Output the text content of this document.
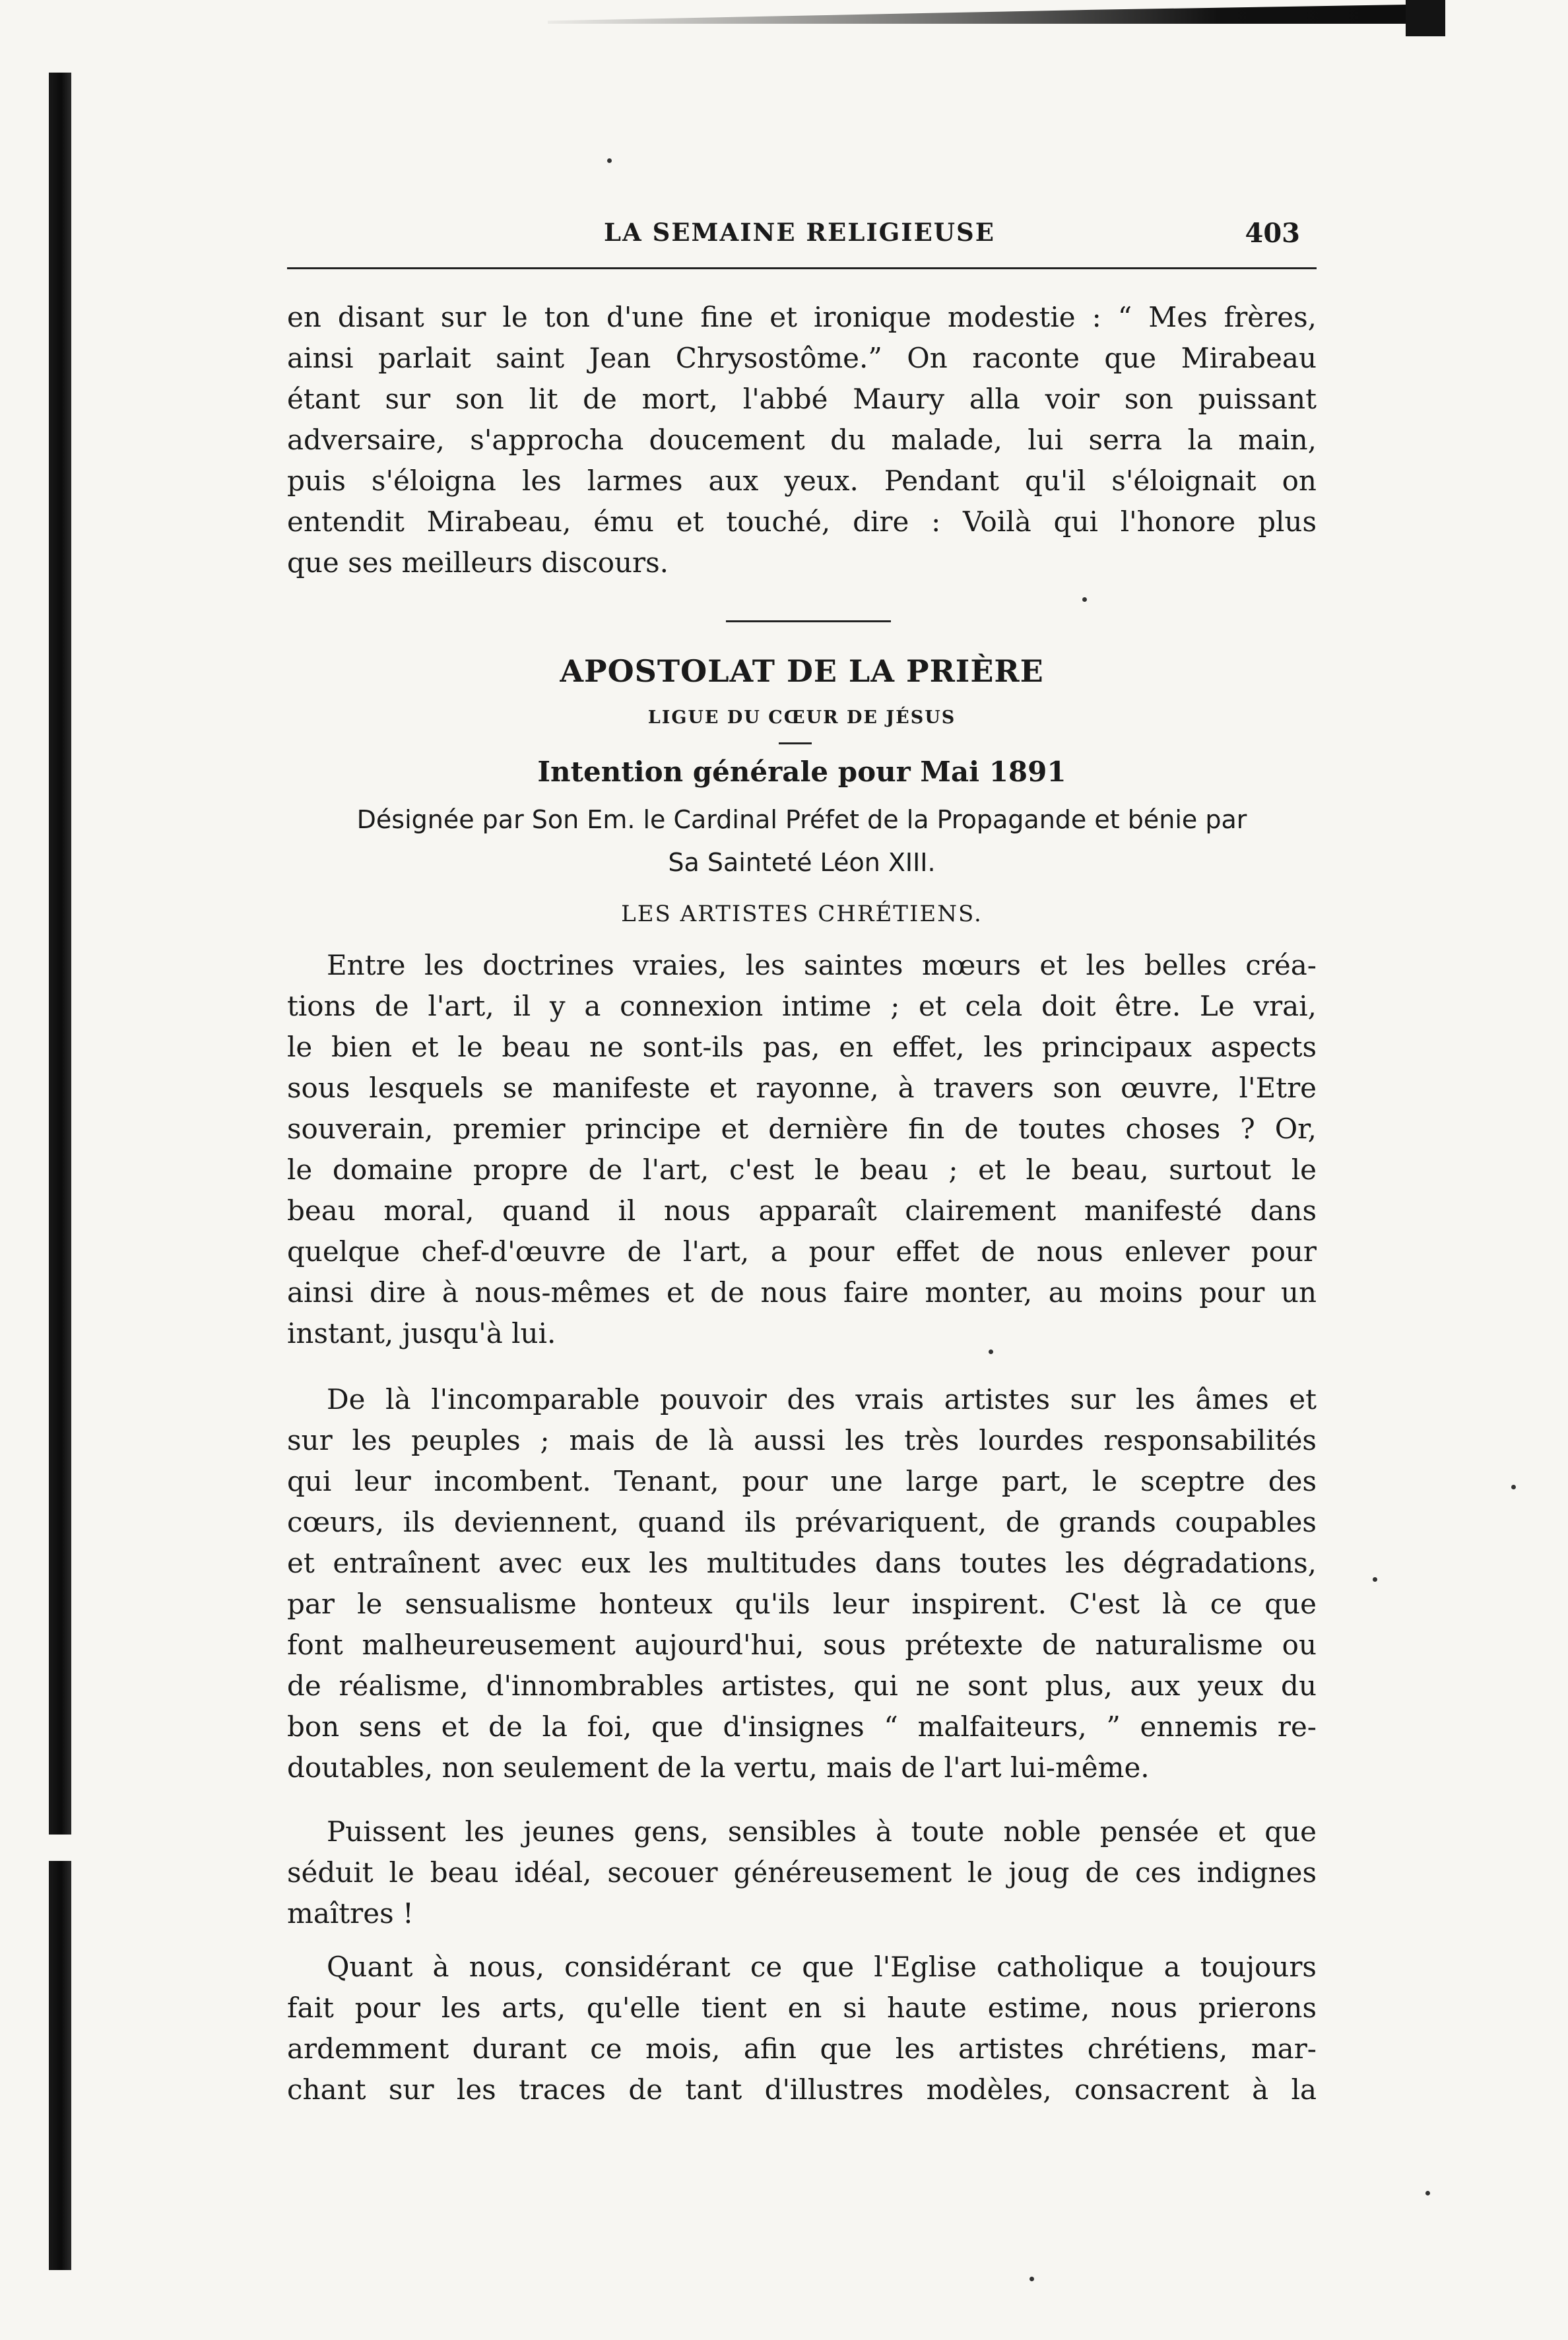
LA SEMAINE RELIGIEUSE	403
en disant sur le ton d'une fine et ironique modestie : “ Mes frères,
ainsi parlait saint Jean Chrysostôme.” On raconte que Mirabeau
étant sur son lit de mort, l'abbé Maury alla voir son puissant
adversaire, s'approcha doucement du malade, lui serra la main,
puis s'éloigna les larmes aux yeux. Pendant qu'il s'éloignait on
entendit Mirabeau, ému et touché, dire : Voilà qui l'honore plus
que ses meilleurs discours.
APOSTOLAT DE LA PRIÈRE
LIGUE DU CŒUR DE JÉSUS
Intention générale pour Mai 1891
Désignée par Son Em. le Cardinal Préfet de la Propagande et bénie par
Sa Sainteté Léon XIII.
LES ARTISTES CHRÉTIENS.
Entre les doctrines vraies, les saintes mœurs et les belles créa-
tions de l'art, il y a connexion intime ; et cela doit être. Le vrai,
le bien et le beau ne sont-ils pas, en effet, les principaux aspects
sous lesquels se manifeste et rayonne, à travers son œuvre, l'Etre
souverain, premier principe et dernière fin de toutes choses ? Or,
le domaine propre de l'art, c'est le beau ; et le beau, surtout le
beau moral, quand il nous apparaît clairement manifesté dans
quelque chef-d'œuvre de l'art, a pour effet de nous enlever pour
ainsi dire à nous-mêmes et de nous faire monter, au moins pour un
instant, jusqu'à lui.
De là l'incomparable pouvoir des vrais artistes sur les âmes et
sur les peuples ; mais de là aussi les très lourdes responsabilités
qui leur incombent. Tenant, pour une large part, le sceptre des
cœurs, ils deviennent, quand ils prévariquent, de grands coupables
et entraînent avec eux les multitudes dans toutes les dégradations,
par le sensualisme honteux qu'ils leur inspirent. C'est là ce que
font malheureusement aujourd'hui, sous prétexte de naturalisme ou
de réalisme, d'innombrables artistes, qui ne sont plus, aux yeux du
bon sens et de la foi, que d'insignes “ malfaiteurs, ” ennemis re-
doutables, non seulement de la vertu, mais de l'art lui-même.
Puissent les jeunes gens, sensibles à toute noble pensée et que
séduit le beau idéal, secouer généreusement le joug de ces indignes
maîtres !
Quant à nous, considérant ce que l'Eglise catholique a toujours
fait pour les arts, qu'elle tient en si haute estime, nous prierons
ardemment durant ce mois, afin que les artistes chrétiens, mar-
chant sur les traces de tant d'illustres modèles, consacrent à la
